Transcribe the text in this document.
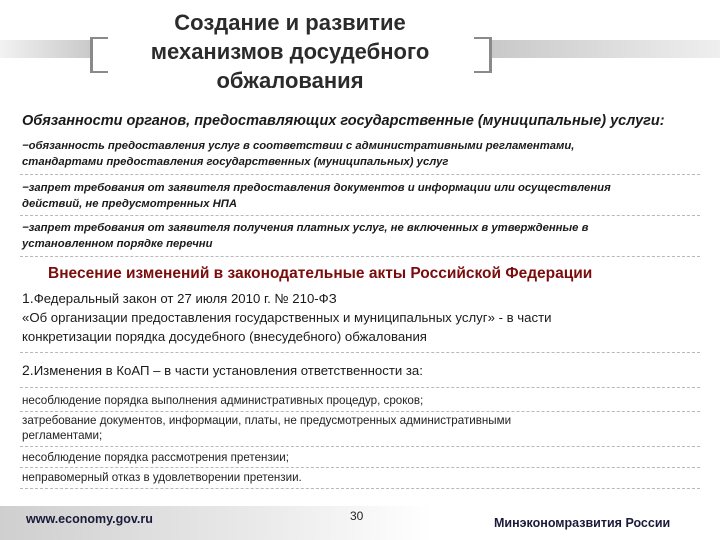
Создание и развитие
механизмов досудебного
обжалования
Обязанности органов, предоставляющих государственные (муниципальные) услуги:
−обязанность предоставления услуг в соответствии с административными регламентами,
стандартами предоставления государственных (муниципальных) услуг
−запрет требования от заявителя предоставления документов и информации или осуществления
действий, не предусмотренных НПА
−запрет требования от заявителя получения платных услуг, не включенных в утвержденные в
установленном порядке перечни
Внесение изменений в законодательные акты Российской Федерации
1.Федеральный закон от 27 июля 2010 г. № 210-ФЗ
«Об организации предоставления государственных и муниципальных услуг» - в части
конкретизации порядка досудебного (внесудебного) обжалования
2.Изменения в КоАП – в части установления ответственности за:
несоблюдение порядка выполнения административных процедур, сроков;
затребование документов, информации, платы, не предусмотренных административными
регламентами;
несоблюдение порядка рассмотрения претензии;
неправомерный отказ в удовлетворении претензии.
www.economy.gov.ru	30	Минэкономразвития России
